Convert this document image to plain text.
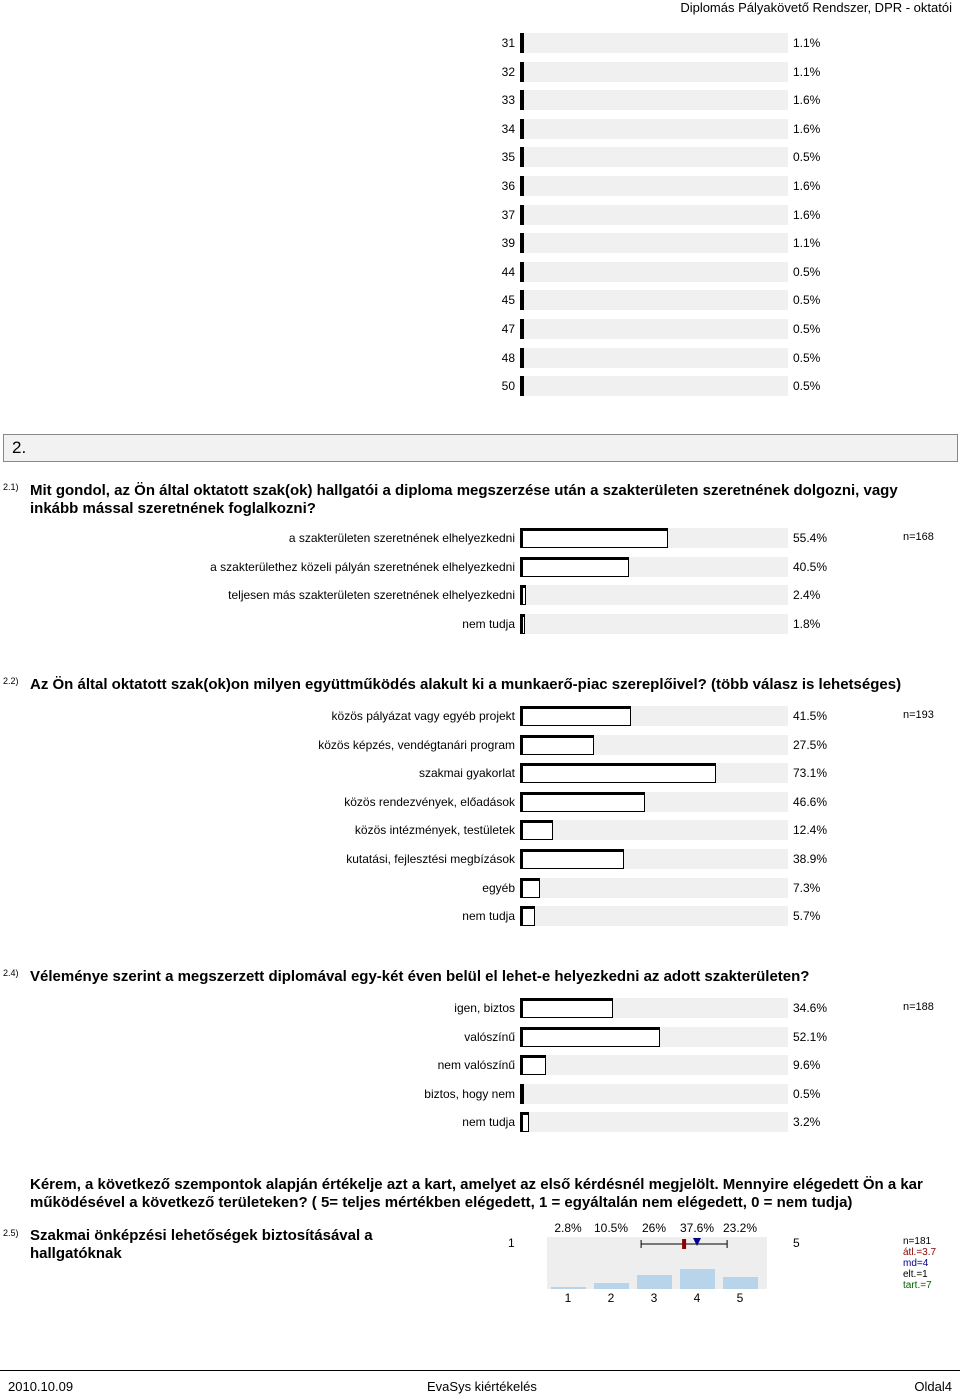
Diplomás Pályakövető Rendszer, DPR - oktatói
31	1.1%
32	1.1%
33	1.6%
34	1.6%
35	0.5%
36	1.6%
37	1.6%
39	1.1%
44	0.5%
45	0.5%
47	0.5%
48	0.5%
50	0.5%
2.
2.1) Mit gondol, az Ön által oktatott szak(ok) hallgatói a diploma megszerzése után a szakterületen szeretnének dolgozni, vagy inkább mással szeretnének foglalkozni?
a szakterületen szeretnének elhelyezkedni	55.4%	n=168
a szakterülethez közeli pályán szeretnének elhelyezkedni	40.5%
teljesen más szakterületen szeretnének elhelyezkedni	2.4%
nem tudja	1.8%
2.2) Az Ön által oktatott szak(ok)on milyen együttműködés alakult ki a munkaerő-piac szereplőivel? (több válasz is lehetséges)
közös pályázat vagy egyéb projekt	41.5%	n=193
közös képzés, vendégtanári program	27.5%
szakmai gyakorlat	73.1%
közös rendezvények, előadások	46.6%
közös intézmények, testületek	12.4%
kutatási, fejlesztési megbízások	38.9%
egyéb	7.3%
nem tudja	5.7%
2.4) Véleménye szerint a megszerzett diplomával egy-két éven belül el lehet-e helyezkedni az adott szakterületen?
igen, biztos	34.6%	n=188
valószínű	52.1%
nem valószínű	9.6%
biztos, hogy nem	0.5%
nem tudja	3.2%
Kérem, a következő szempontok alapján értékelje azt a kart, amelyet az első kérdésnél megjelölt. Mennyire elégedett Ön a kar működésével a következő területeken? ( 5= teljes mértékben elégedett, 1 = egyáltalán nem elégedett, 0 = nem tudja)
2.5) Szakmai önképzési lehetőségek biztosításával a hallgatóknak
1	5
2.8%	10.5%	26%	37.6% 23.2%
1	2	3	4	5
n=181
átl.=3.7
md=4
elt.=1
tart.=7
2010.10.09	EvaSys kiértékelés	Oldal4
